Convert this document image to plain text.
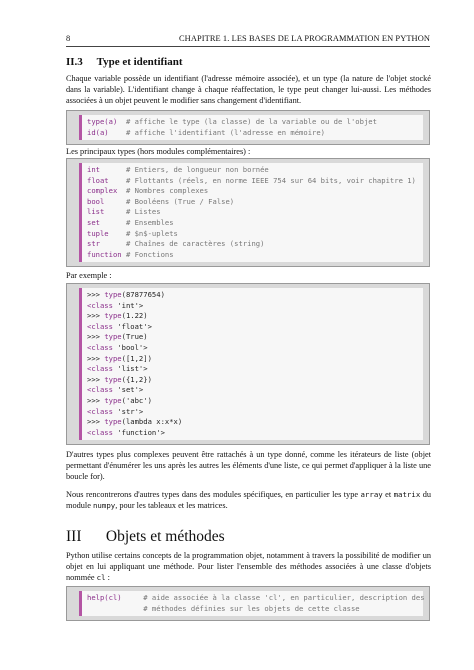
8	CHAPITRE 1. LES BASES DE LA PROGRAMMATION EN PYTHON
II.3 Type et identifiant
Chaque variable possède un identifiant (l'adresse mémoire associée), et un type (la nature de l'objet stocké dans la variable). L'identifiant change à chaque réaffectation, le type peut changer lui-aussi. Les méthodes associées à un objet peuvent le modifier sans changement d'identifiant.
type(a) # affiche le type (la classe) de la variable ou de l'objet
id(a) # affiche l'identifiant (l'adresse en mémoire)
Les principaux types (hors modules complémentaires) :
int	# Entiers, de longueur non bornée
float # Flottants (réels, en norme IEEE 754 sur 64 bits, voir chapitre 1)
complex # Nombres complexes
bool	# Booléens (True / False)
list	# Listes
set	# Ensembles
tuple # $n$-uplets
str	# Chaînes de caractères (string)
function # Fonctions
Par exemple :
>>> type(87877654)
<class 'int'>
>>> type(1.22)
<class 'float'>
>>> type(True)
<class 'bool'>
>>> type([1,2])
<class 'list'>
>>> type({1,2})
<class 'set'>
>>> type('abc')
<class 'str'>
>>> type(lambda x:x*x)
<class 'function'>
D'autres types plus complexes peuvent être rattachés à un type donné, comme les itérateurs de liste (objet permettant d'énumérer les uns après les autres les éléments d'une liste, ce qui permet d'appliquer à la liste une boucle for).
Nous rencontrerons d'autres types dans des modules spécifiques, en particulier les type array et matrix du module numpy, pour les tableaux et les matrices.
III Objets et méthodes
Python utilise certains concepts de la programmation objet, notamment à travers la possibilité de modifier un objet en lui appliquant une méthode. Pour lister l'ensemble des méthodes associées à une classe d'objets nommée cl :
help(cl)	# aide associée à la classe 'cl', en particulier, description des
# méthodes définies sur les objets de cette classe
